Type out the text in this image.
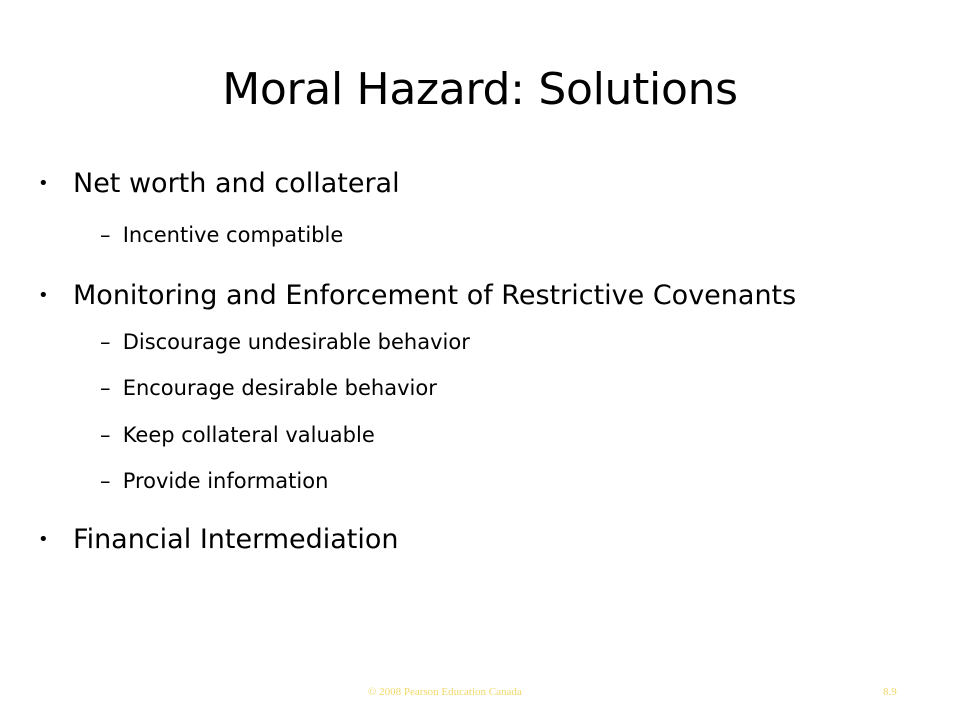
Moral Hazard: Solutions
• Net worth and collateral
– Incentive compatible
• Monitoring and Enforcement of Restrictive Covenants
– Discourage undesirable behavior
– Encourage desirable behavior
– Keep collateral valuable
– Provide information
• Financial Intermediation
© 2008 Pearson Education Canada	8.9
